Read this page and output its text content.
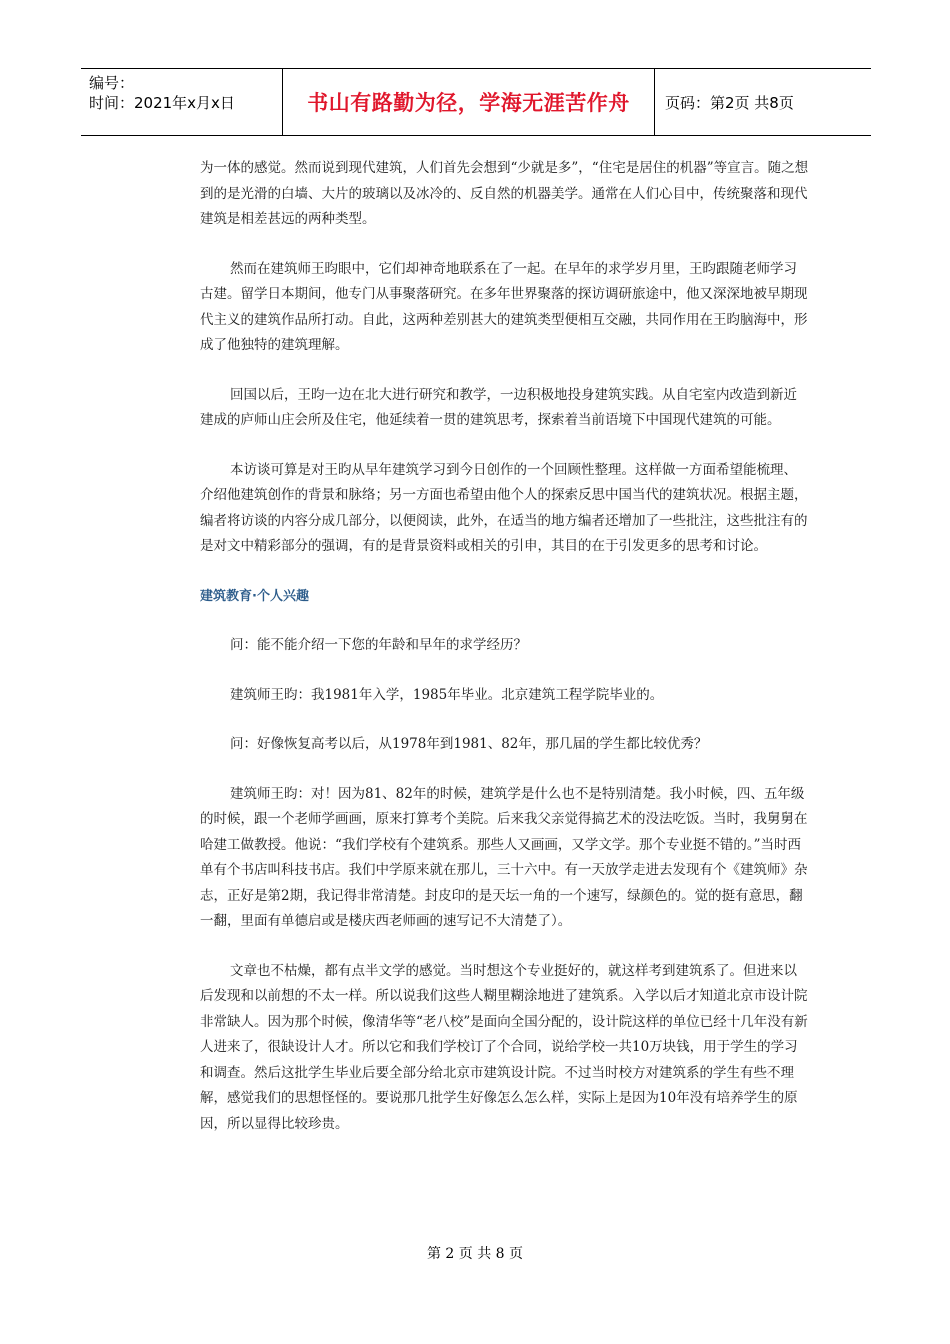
编号：
时间：2021年x月x日	书山有路勤为径，学海无涯苦作舟	页码：第2页 共8页

为一体的感觉。然而说到现代建筑，人们首先会想到“少就是多”，“住宅是居住的机器”等宣言。随之想到的是光滑的白墙、大片的玻璃以及冰冷的、反自然的机器美学。通常在人们心目中，传统聚落和现代建筑是相差甚远的两种类型。

然而在建筑师王昀眼中，它们却神奇地联系在了一起。在早年的求学岁月里，王昀跟随老师学习古建。留学日本期间，他专门从事聚落研究。在多年世界聚落的探访调研旅途中，他又深深地被早期现代主义的建筑作品所打动。自此，这两种差别甚大的建筑类型便相互交融，共同作用在王昀脑海中，形成了他独特的建筑理解。

回国以后，王昀一边在北大进行研究和教学，一边积极地投身建筑实践。从自宅室内改造到新近建成的庐师山庄会所及住宅，他延续着一贯的建筑思考，探索着当前语境下中国现代建筑的可能。

本访谈可算是对王昀从早年建筑学习到今日创作的一个回顾性整理。这样做一方面希望能梳理、介绍他建筑创作的背景和脉络；另一方面也希望由他个人的探索反思中国当代的建筑状况。根据主题，编者将访谈的内容分成几部分，以便阅读，此外，在适当的地方编者还增加了一些批注，这些批注有的是对文中精彩部分的强调，有的是背景资料或相关的引申，其目的在于引发更多的思考和讨论。

建筑教育·个人兴趣

问：能不能介绍一下您的年龄和早年的求学经历？

建筑师王昀：我1981年入学，1985年毕业。北京建筑工程学院毕业的。

问：好像恢复高考以后，从1978年到1981、82年，那几届的学生都比较优秀？

建筑师王昀：对！因为81、82年的时候，建筑学是什么也不是特别清楚。我小时候，四、五年级的时候，跟一个老师学画画，原来打算考个美院。后来我父亲觉得搞艺术的没法吃饭。当时，我舅舅在哈建工做教授。他说：“我们学校有个建筑系。那些人又画画，又学文学。那个专业挺不错的。”当时西单有个书店叫科技书店。我们中学原来就在那儿，三十六中。有一天放学走进去发现有个《建筑师》杂志，正好是第2期，我记得非常清楚。封皮印的是天坛一角的一个速写，绿颜色的。觉的挺有意思，翻一翻，里面有单德启或是楼庆西老师画的速写记不大清楚了）。

文章也不枯燥，都有点半文学的感觉。当时想这个专业挺好的，就这样考到建筑系了。但进来以后发现和以前想的不太一样。所以说我们这些人糊里糊涂地进了建筑系。入学以后才知道北京市设计院非常缺人。因为那个时候，像清华等“老八校”是面向全国分配的，设计院这样的单位已经十几年没有新人进来了，很缺设计人才。所以它和我们学校订了个合同，说给学校一共10万块钱，用于学生的学习和调查。然后这批学生毕业后要全部分给北京市建筑设计院。不过当时校方对建筑系的学生有些不理解，感觉我们的思想怪怪的。要说那几批学生好像怎么怎么样，实际上是因为10年没有培养学生的原因，所以显得比较珍贵。

第 2 页 共 8 页
